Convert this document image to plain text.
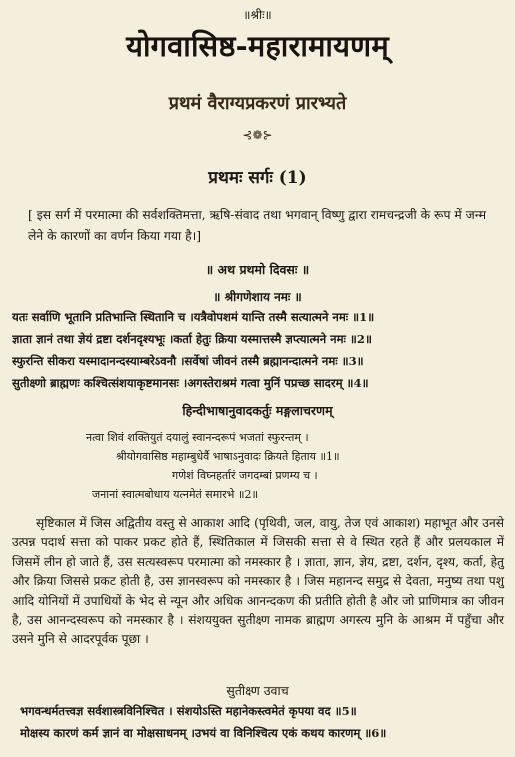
॥श्रीः॥
योगवासिष्ठ-महारामायणम्
प्रथमं वैराग्यप्रकरणं प्रारभ्यते
⊰❁⊱
प्रथमः सर्गः (1)
[ इस सर्ग में परमात्मा की सर्वशक्तिमत्ता, ऋषि-संवाद तथा भगवान् विष्णु द्वारा रामचन्द्रजी के रूप में जन्म लेने के कारणों का वर्णन किया गया है।]
॥ अथ प्रथमो दिवसः ॥
॥ श्रीगणेशाय नमः ॥
यतः सर्वाणि भूतानि प्रतिभान्ति स्थितानि च ।यत्रैवोपशमं यान्ति तस्मै सत्यात्मने नमः ॥1॥
ज्ञाता ज्ञानं तथा ज्ञेयं द्रष्टा दर्शनदृश्यभूः ।कर्ता हेतुः क्रिया यस्मात्तस्मै ज्ञप्त्यात्मने नमः ॥2॥
स्फुरन्ति सीकरा यस्मादानन्दस्याम्बरेऽवनौ ।सर्वेषां जीवनं तस्मै ब्रह्मानन्दात्मने नमः ॥3॥
सुतीक्ष्णो ब्राह्मणः कश्चित्संशयाकृष्टमानसः ।अगस्तेराश्रमं गत्वा मुनिं पप्रच्छ सादरम् ॥4॥
हिन्दीभाषानुवादकर्तुः मङ्गलाचरणम्
नत्वा शिवं शक्तियुतं दयालुं स्वानन्दरूपं भजतां स्फुरन्तम् ।
श्रीयोगवासिष्ठ महाम्बुधेर्वै भाषाऽनुवादः क्रियते हिताय ॥1॥
गणेशं विघ्नहर्तारं जगदम्बां प्रणम्य च ।
जनानां स्वात्मबोधाय यत्नमेतं समारभे ॥2॥
सृष्टिकाल में जिस अद्वितीय वस्तु से आकाश आदि (पृथिवी, जल, वायु, तेज एवं आकाश) महाभूत और उनसे उत्पन्न पदार्थ सत्ता को पाकर प्रकट होते हैं, स्थितिकाल में जिसकी सत्ता से वे स्थित रहते हैं और प्रलयकाल में जिसमें लीन हो जाते हैं, उस सत्यस्वरूप परमात्मा को नमस्कार है । ज्ञाता, ज्ञान, ज्ञेय, द्रष्टा, दर्शन, दृश्य, कर्ता, हेतु और क्रिया जिससे प्रकट होती है, उस ज्ञानस्वरूप को नमस्कार है । जिस महानन्द समुद्र से देवता, मनुष्य तथा पशु आदि योनियों में उपाधियों के भेद से न्यून और अधिक आनन्दकण की प्रतीति होती है और जो प्राणिमात्र का जीवन है, उस आनन्दस्वरूप को नमस्कार है । संशययुक्त सुतीक्ष्ण नामक ब्राह्मण अगस्त्य मुनि के आश्रम में पहुँचा और उसने मुनि से आदरपूर्वक पूछा ।
सुतीक्ष्ण उवाच
भगवन्धर्मतत्त्वज्ञ सर्वशास्त्रविनिश्चित । संशयोऽस्ति महानेकस्त्वमेतं कृपया वद ॥5॥
मोक्षस्य कारणं कर्म ज्ञानं वा मोक्षसाधनम् ।उभयं वा विनिश्चित्य एकं कथय कारणम् ॥6॥
